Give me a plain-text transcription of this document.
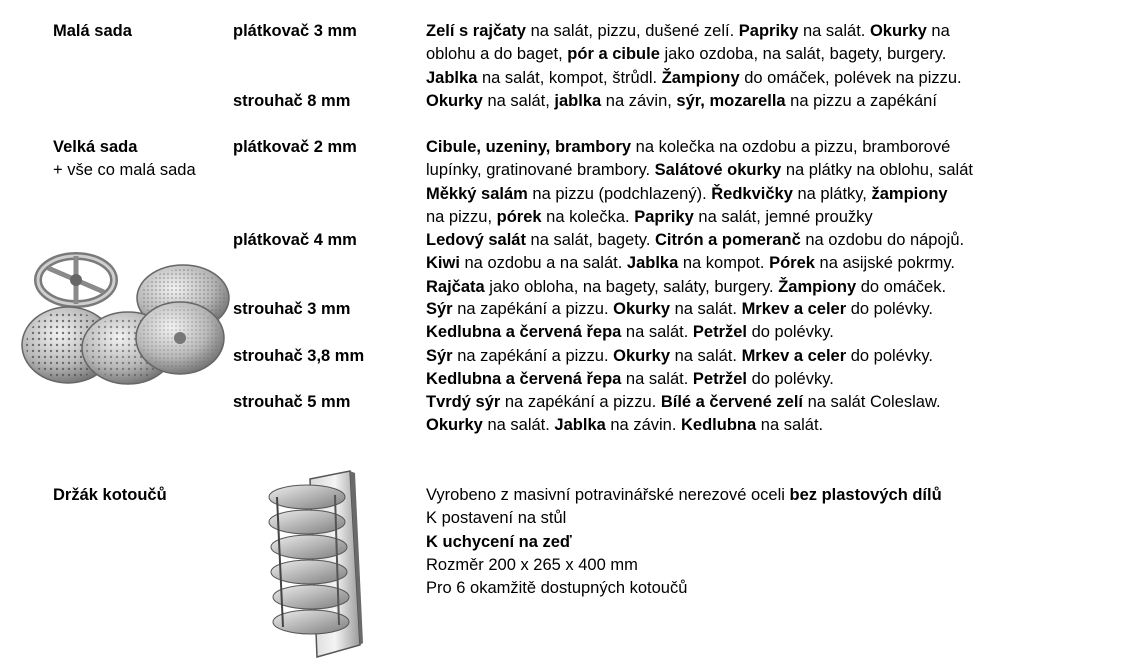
Malá sada
Velká sada
+ vše co malá sada
Držák kotoučů
plátkovač 3 mm
strouhač 8 mm
plátkovač 2 mm
plátkovač 4 mm
strouhač 3 mm
strouhač 3,8 mm
strouhač 5 mm
Zelí s rajčaty na salát, pizzu, dušené zelí. Papriky na salát. Okurky na
oblohu a do baget, pór a cibule jako ozdoba, na salát, bagety, burgery.
Jablka na salát, kompot, štrůdl. Žampiony do omáček, polévek na pizzu.
Okurky na salát, jablka na závin, sýr, mozarella na pizzu a zapékání
Cibule, uzeniny, brambory na kolečka na ozdobu a pizzu, bramborové
lupínky, gratinované brambory. Salátové okurky na plátky na oblohu, salát
Měkký salám na pizzu (podchlazený). Ředkvičky na plátky, žampiony
na pizzu, pórek na kolečka. Papriky na salát, jemné proužky
Ledový salát na salát, bagety. Citrón a pomeranč na ozdobu do nápojů.
Kiwi na ozdobu a na salát. Jablka na kompot. Pórek na asijské pokrmy.
Rajčata jako obloha, na bagety, saláty, burgery. Žampiony do omáček.
Sýr na zapékání a pizzu. Okurky na salát. Mrkev a celer do polévky.
Kedlubna a červená řepa na salát. Petržel do polévky.
Sýr na zapékání a pizzu. Okurky na salát. Mrkev a celer do polévky.
Kedlubna a červená řepa na salát. Petržel do polévky.
Tvrdý sýr na zapékání a pizzu. Bílé a červené zelí na salát Coleslaw.
Okurky na salát. Jablka na závin. Kedlubna na salát.
Vyrobeno z masivní potravinářské nerezové oceli bez plastových dílů
K postavení na stůl
K uchycení na zeď
Rozměr 200 x 265 x 400 mm
Pro 6 okamžitě dostupných kotoučů
